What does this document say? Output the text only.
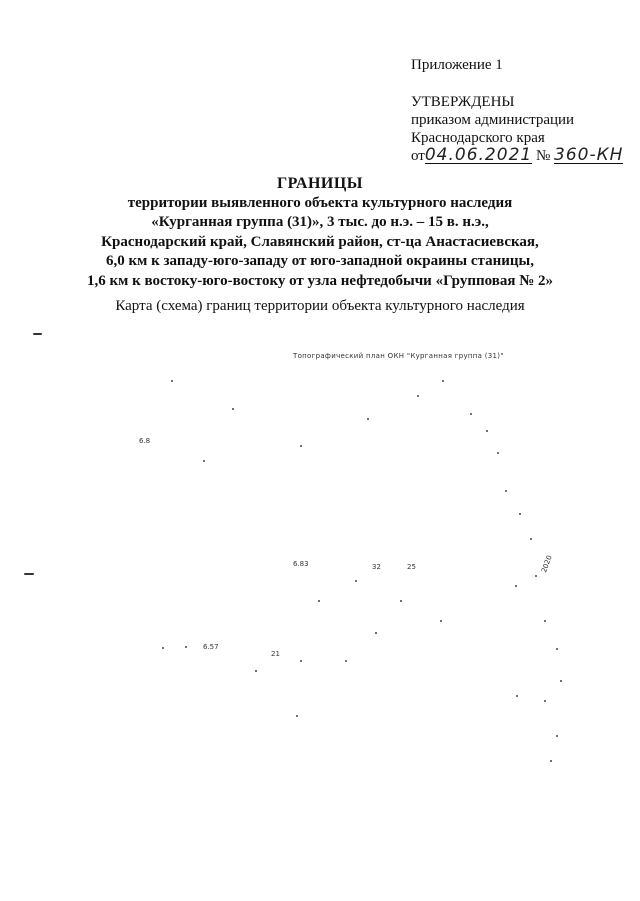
Приложение 1
УТВЕРЖДЕНЫ
приказом администрации
Краснодарского края
от04.06.2021 № 360-КН
ГРАНИЦЫ
территории выявленного объекта культурного наследия
«Курганная группа (31)», 3 тыс. до н.э. – 15 в. н.э.,
Краснодарский край, Славянский район, ст-ца Анастасиевская,
6,0 км к западу-юго-западу от юго-западной окраины станицы,
1,6 км к востоку-юго-востоку от узла нефтедобычи «Групповая № 2»
Карта (схема) границ территории объекта культурного наследия
Топографический план ОКН "Курганная группа (31)"
6.8
6.83
6.57
32	25
21
2020
